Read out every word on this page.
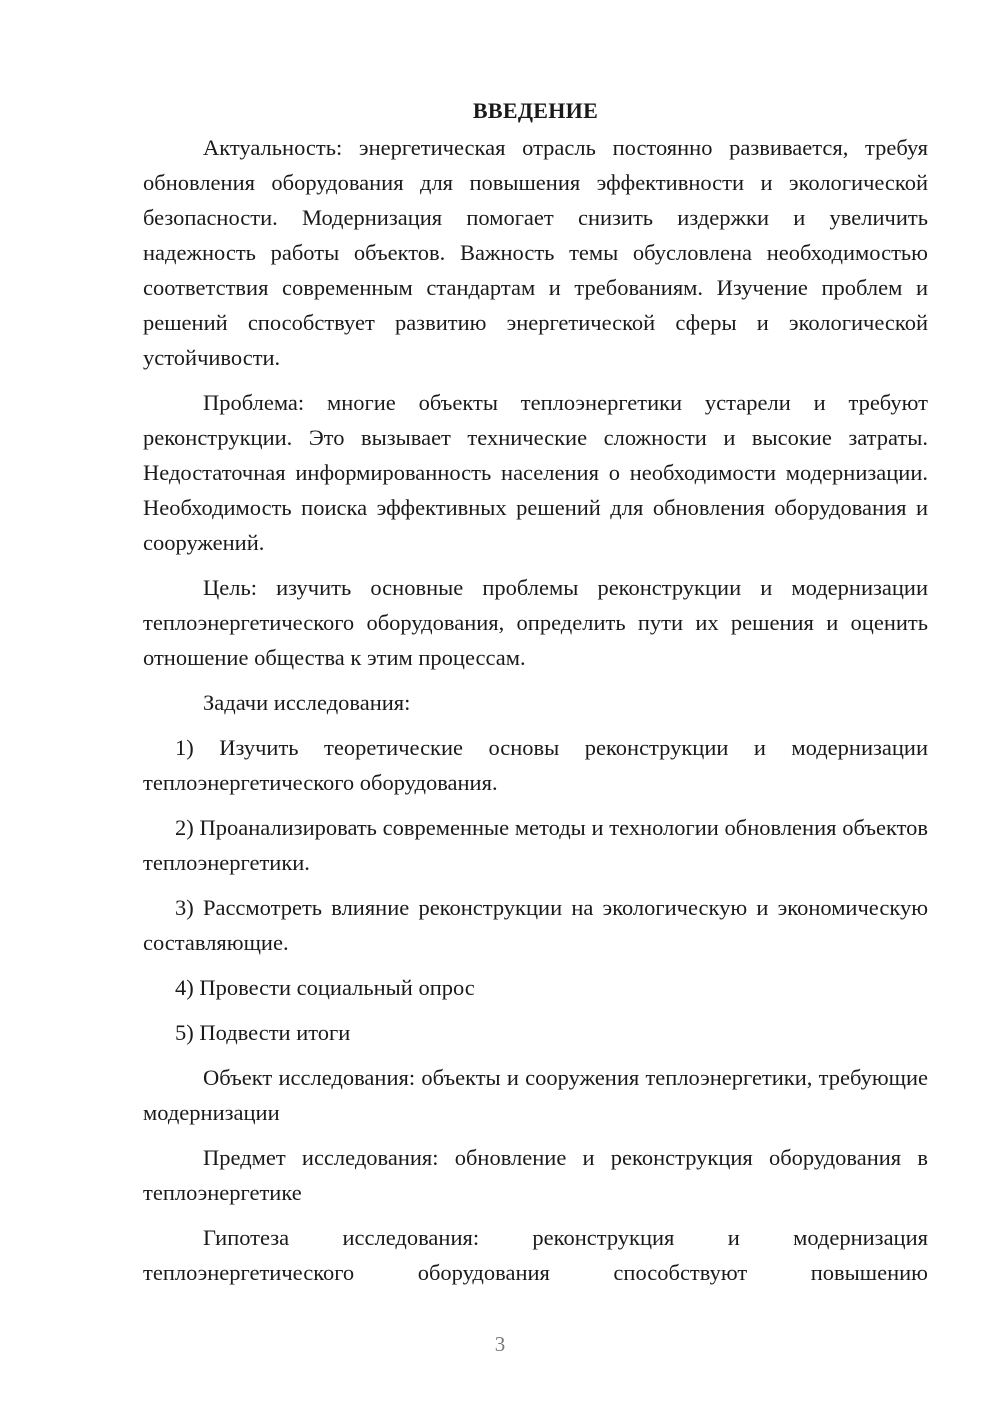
ВВЕДЕНИЕ

Актуальность: энергетическая отрасль постоянно развивается, требуя обновления оборудования для повышения эффективности и экологической безопасности. Модернизация помогает снизить издержки и увеличить надежность работы объектов. Важность темы обусловлена необходимостью соответствия современным стандартам и требованиям. Изучение проблем и решений способствует развитию энергетической сферы и экологической устойчивости.

Проблема: многие объекты теплоэнергетики устарели и требуют реконструкции. Это вызывает технические сложности и высокие затраты. Недостаточная информированность населения о необходимости модернизации. Необходимость поиска эффективных решений для обновления оборудования и сооружений.

Цель: изучить основные проблемы реконструкции и модернизации теплоэнергетического оборудования, определить пути их решения и оценить отношение общества к этим процессам.

Задачи исследования:

1) Изучить теоретические основы реконструкции и модернизации теплоэнергетического оборудования.

2) Проанализировать современные методы и технологии обновления объектов теплоэнергетики.

3) Рассмотреть влияние реконструкции на экологическую и экономическую составляющие.

4) Провести социальный опрос

5) Подвести итоги

Объект исследования: объекты и сооружения теплоэнергетики, требующие модернизации

Предмет исследования: обновление и реконструкция оборудования в теплоэнергетике

Гипотеза исследования: реконструкция и модернизация теплоэнергетического оборудования способствуют повышению

3
